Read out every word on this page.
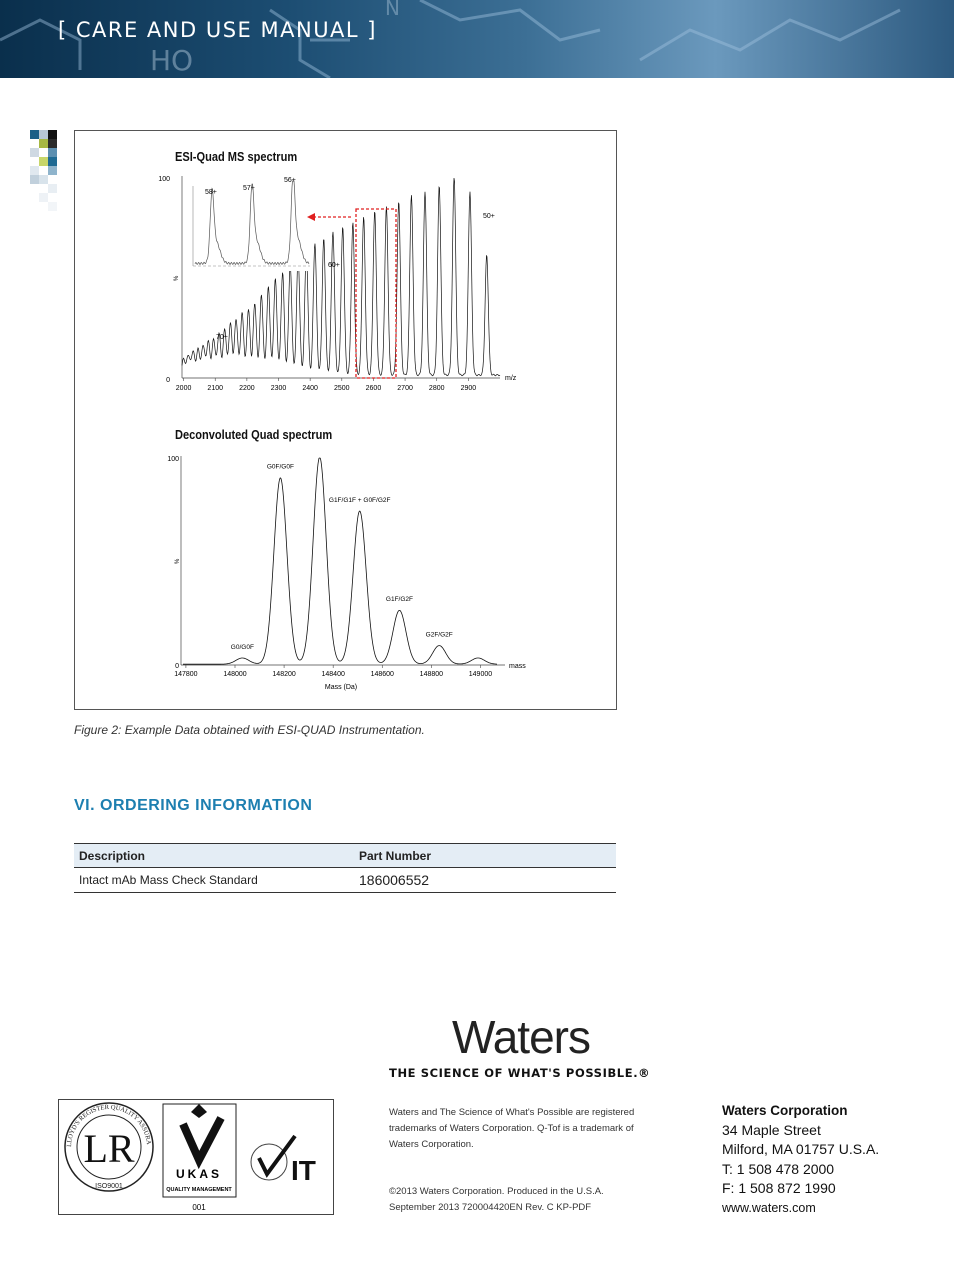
HO
N
[ CARE AND USE MANUAL ]
ESI-Quad MS spectrum
100
0
%
m/z
2000 2100 2200 2300 2400 2500 2600 2700 2800 2900
58+
57+
56+
70+
60+
50+
Deconvoluted Quad spectrum
100
0
%
mass
Mass (Da)
147800	148000	148200	148400	148600	148800	149000
G0/G0F
G0F/G0F
G1F/G1F + G0F/G2F
G1F/G2F
G2F/G2F
Figure 2: Example Data obtained with ESI-QUAD Instrumentation.
VI. ORDERING INFORMATION
Description	Part Number
Intact mAb Mass Check Standard	186006552
Waters
THE SCIENCE OF WHAT'S POSSIBLE.®
LR
LLOYD'S REGISTER QUALITY ASSURA
ISO9001
UKAS
QUALITY MANAGEMENT
001
IT
Waters and The Science of What's Possible are registered trademarks of Waters Corporation. Q-Tof is a trademark of Waters Corporation.
©2013 Waters Corporation. Produced in the U.S.A.
September 2013 720004420EN Rev. C KP-PDF
Waters Corporation
34 Maple Street
Milford, MA 01757 U.S.A.
T: 1 508 478 2000
F: 1 508 872 1990
www.waters.com
